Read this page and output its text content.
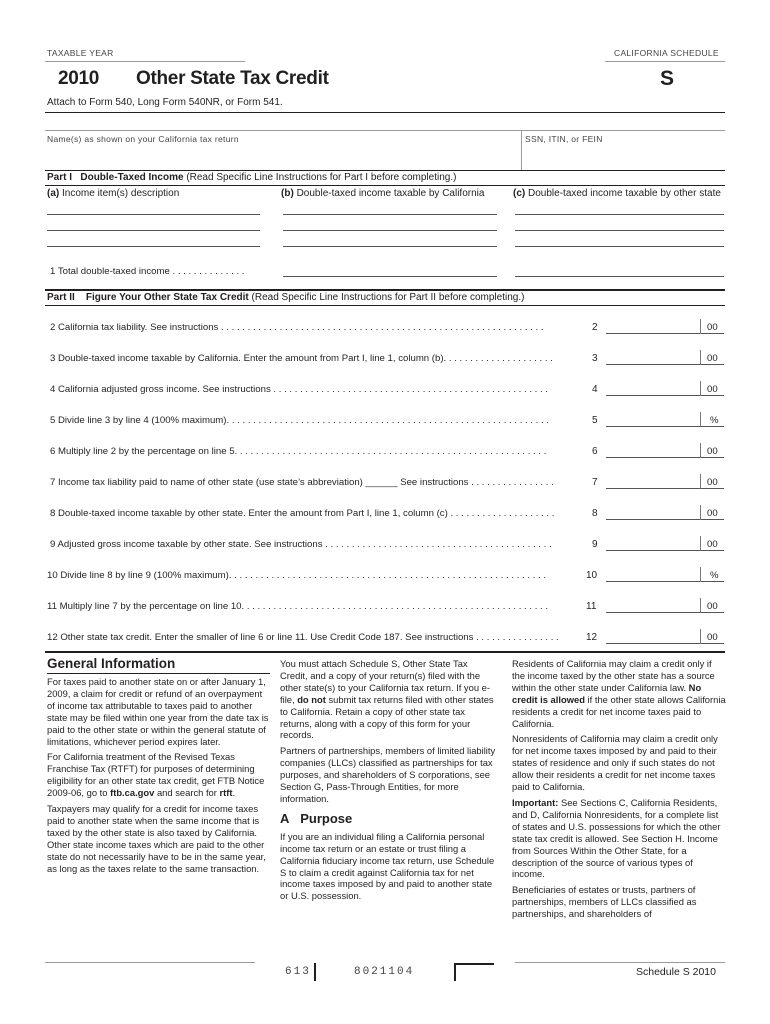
TAXABLE YEAR	CALIFORNIA SCHEDULE
2010 Other State Tax Credit	S
Attach to Form 540, Long Form 540NR, or Form 541.
Name(s) as shown on your California tax return	SSN, ITIN, or FEIN
Part I Double-Taxed Income (Read Specific Line Instructions for Part I before completing.)
(a) Income item(s) description	(b) Double-taxed income taxable by California	(c) Double-taxed income taxable by other state
1 Total double-taxed income . . . . . . . . . . . . . .
Part II Figure Your Other State Tax Credit (Read Specific Line Instructions for Part II before completing.)
2 California tax liability. See instructions . . . . . . . . . . . . . . . . . . . . . . . . . . . . . . . . . . . . . . . . . . . . . . . . . . . . . . . . . . . . .	2	00
3 Double-taxed income taxable by California. Enter the amount from Part I, line 1, column (b). . . . . . . . . . . . . . . . . . . . .	3	00
4 California adjusted gross income. See instructions . . . . . . . . . . . . . . . . . . . . . . . . . . . . . . . . . . . . . . . . . . . . . . . . . . . .	4	00
5 Divide line 3 by line 4 (100% maximum). . . . . . . . . . . . . . . . . . . . . . . . . . . . . . . . . . . . . . . . . . . . . . . . . . . . . . . . . . . . .	5	%
6 Multiply line 2 by the percentage on line 5. . . . . . . . . . . . . . . . . . . . . . . . . . . . . . . . . . . . . . . . . . . . . . . . . . . . . . . . . . .	6	00
7 Income tax liability paid to name of other state (use state’s abbreviation) ______ See instructions . . . . . . . . . . . . . . . .	7	00
8 Double-taxed income taxable by other state. Enter the amount from Part I, line 1, column (c) . . . . . . . . . . . . . . . . . . . .	8	00
9 Adjusted gross income taxable by other state. See instructions . . . . . . . . . . . . . . . . . . . . . . . . . . . . . . . . . . . . . . . . . . .	9	00
10 Divide line 8 by line 9 (100% maximum). . . . . . . . . . . . . . . . . . . . . . . . . . . . . . . . . . . . . . . . . . . . . . . . . . . . . . . . . . . .	10	%
11 Multiply line 7 by the percentage on line 10. . . . . . . . . . . . . . . . . . . . . . . . . . . . . . . . . . . . . . . . . . . . . . . . . . . . . . . . . .	11	00
12 Other state tax credit. Enter the smaller of line 6 or line 11. Use Credit Code 187. See instructions . . . . . . . . . . . . . . . .	12	00
General Information

For taxes paid to another state on or after January 1, 2009, a claim for credit or refund of an overpayment of income tax attributable to taxes paid to another state may be filed within one year from the date tax is paid to the other state or within the general statute of limitations, whichever period expires later.

For California treatment of the Revised Texas Franchise Tax (RTFT) for purposes of determining eligibility for an other state tax credit, get FTB Notice 2009-06, go to ftb.ca.gov and search for rtft.

Taxpayers may qualify for a credit for income taxes paid to another state when the same income that is taxed by the other state is also taxed by California. Other state income taxes which are paid to the other state do not necessarily have to be in the same year, as long as the taxes relate to the same transaction.

You must attach Schedule S, Other State Tax Credit, and a copy of your return(s) filed with the other state(s) to your California tax return. If you e-file, do not submit tax returns filed with other states to California. Retain a copy of other state tax returns, along with a copy of this form for your records.

Partners of partnerships, members of limited liability companies (LLCs) classified as partnerships for tax purposes, and shareholders of S corporations, see Section G, Pass-Through Entities, for more information.

A Purpose

If you are an individual filing a California personal income tax return or an estate or trust filing a California fiduciary income tax return, use Schedule S to claim a credit against California tax for net income taxes imposed by and paid to another state or U.S. possession.

Residents of California may claim a credit only if the income taxed by the other state has a source within the other state under California law. No credit is allowed if the other state allows California residents a credit for net income taxes paid to California.

Nonresidents of California may claim a credit only for net income taxes imposed by and paid to their states of residence and only if such states do not allow their residents a credit for net income taxes paid to California.

Important: See Sections C, California Residents, and D, California Nonresidents, for a complete list of states and U.S. possessions for which the other state tax credit is allowed. See Section H. Income from Sources Within the Other State, for a description of the source of various types of income.

Beneficiaries of estates or trusts, partners of partnerships, members of LLCs classified as partnerships, and shareholders of

613	8021104	Schedule S 2010
